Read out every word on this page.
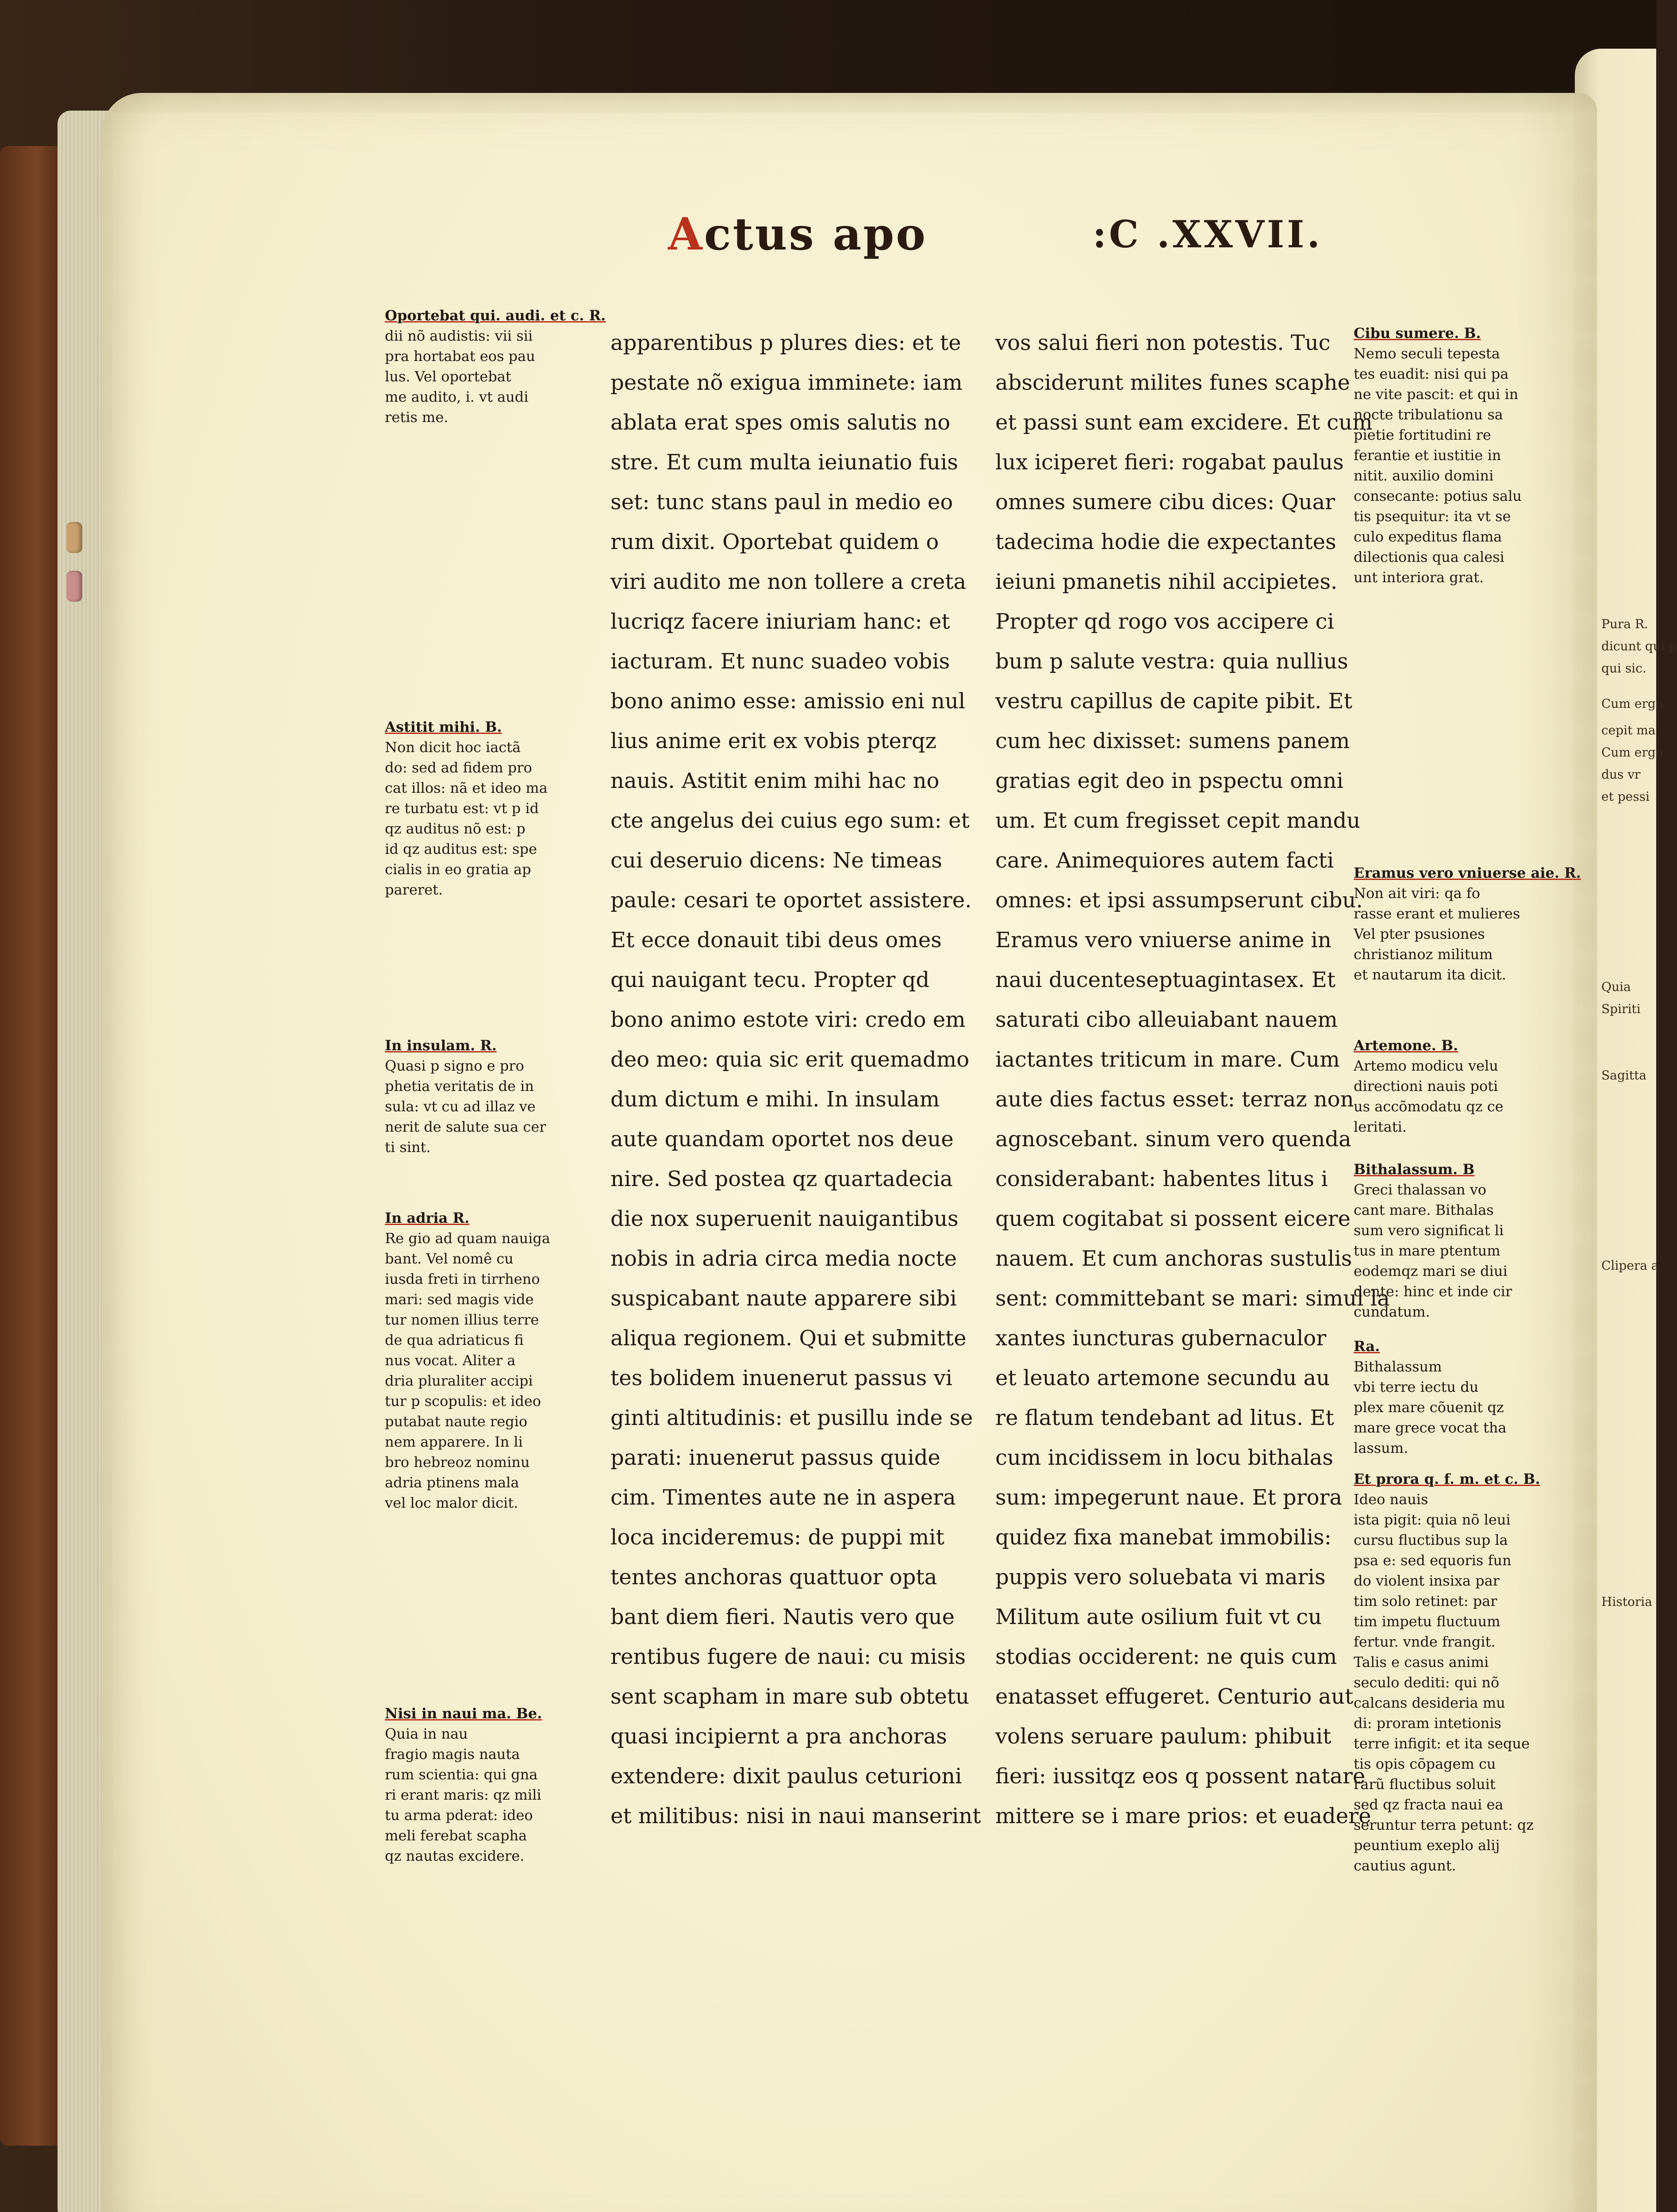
Actus apo	:C .XXVII.
apparentibus p plures dies: et te
pestate nõ exigua imminete: iam
ablata erat spes omis salutis no
stre. Et cum multa ieiunatio fuis
set: tunc stans paul in medio eo
rum dixit. Oportebat quidem o
viri audito me non tollere a creta
lucriqz facere iniuriam hanc: et
iacturam. Et nunc suadeo vobis
bono animo esse: amissio eni nul
lius anime erit ex vobis pterqz
nauis. Astitit enim mihi hac no
cte angelus dei cuius ego sum: et
cui deseruio dicens: Ne timeas
paule: cesari te oportet assistere.
Et ecce donauit tibi deus omes
qui nauigant tecu. Propter qd
bono animo estote viri: credo em
deo meo: quia sic erit quemadmo
dum dictum e mihi. In insulam
aute quandam oportet nos deue
nire. Sed postea qz quartadecia
die nox superuenit nauigantibus
nobis in adria circa media nocte
suspicabant naute apparere sibi
aliqua regionem. Qui et submitte
tes bolidem inuenerut passus vi
ginti altitudinis: et pusillu inde se
parati: inuenerut passus quide
cim. Timentes aute ne in aspera
loca incideremus: de puppi mit
tentes anchoras quattuor opta
bant diem fieri. Nautis vero que
rentibus fugere de naui: cu misis
sent scapham in mare sub obtetu
quasi incipiernt a pra anchoras
extendere: dixit paulus ceturioni
et militibus: nisi in naui manserint
vos salui fieri non potestis. Tuc
absciderunt milites funes scaphe
et passi sunt eam excidere. Et cum
lux iciperet fieri: rogabat paulus
omnes sumere cibu dices: Quar
tadecima hodie die expectantes
ieiuni pmanetis nihil accipietes.
Propter qd rogo vos accipere ci
bum p salute vestra: quia nullius
vestru capillus de capite pibit. Et
cum hec dixisset: sumens panem
gratias egit deo in pspectu omni
um. Et cum fregisset cepit mandu
care. Animequiores autem facti
omnes: et ipsi assumpserunt cibu.
Eramus vero vniuerse anime in
naui ducenteseptuagintasex. Et
saturati cibo alleuiabant nauem
iactantes triticum in mare. Cum
aute dies factus esset: terraz non
agnoscebant. sinum vero quenda
considerabant: habentes litus i
quem cogitabat si possent eicere
nauem. Et cum anchoras sustulis
sent: committebant se mari: simul la
xantes iuncturas gubernaculor
et leuato artemone secundu au
re flatum tendebant ad litus. Et
cum incidissem in locu bithalas
sum: impegerunt naue. Et prora
quidez fixa manebat immobilis:
puppis vero soluebata vi maris
Militum aute osilium fuit vt cu
stodias occiderent: ne quis cum
enatasset effugeret. Centurio aut
volens seruare paulum: phibuit
fieri: iussitqz eos q possent natare
mittere se i mare prios: et euadere
Oportebat qui. audi. et c. R.
dii nõ audistis: vii sii
pra hortabat eos pau
lus. Vel oportebat
me audito, i. vt audi
retis me.
Astitit mihi. B.
Non dicit hoc iactã
do: sed ad fidem pro
cat illos: nã et ideo ma
re turbatu est: vt p id
qz auditus nõ est: p
id qz auditus est: spe
cialis in eo gratia ap
pareret.
In insulam. R.
Quasi p signo e pro
phetia veritatis de in
sula: vt cu ad illaz ve
nerit de salute sua cer
ti sint.
In adria R.
Re gio ad quam nauiga
bant. Vel nomê cu
iusda freti in tirrheno
mari: sed magis vide
tur nomen illius terre
de qua adriaticus fi
nus vocat. Aliter a
dria pluraliter accipi
tur p scopulis: et ideo
putabat naute regio
nem apparere. In li
bro hebreoz nominu
adria ptinens mala
vel loc malor dicit.
Nisi in naui ma. Be.
Quia in nau
fragio magis nauta
rum scientia: qui gna
ri erant maris: qz mili
tu arma pderat: ideo
meli ferebat scapha
qz nautas excidere.
Cibu sumere. B.
Nemo seculi tepesta
tes euadit: nisi qui pa
ne vite pascit: et qui in
nocte tribulationu sa
pietie fortitudini re
ferantie et iustitie in
nitit. auxilio domini
consecante: potius salu
tis psequitur: ita vt se
culo expeditus flama
dilectionis qua calesi
unt interiora grat.
Eramus vero vniuerse aie. R.
Non ait viri: qa fo
rasse erant et mulieres
Vel pter psusiones
christianoz militum
et nautarum ita dicit.
Artemone. B.
Artemo modicu velu
directioni nauis poti
us accõmodatu qz ce
leritati.
Bithalassum. B
Greci thalassan vo
cant mare. Bithalas
sum vero significat li
tus in mare ptentum
eodemqz mari se diui
dente: hinc et inde cir
cundatum.
Ra.
Bithalassum
vbi terre iectu du
plex mare cõuenit qz
mare grece vocat tha
lassum.
Et prora q. f. m. et c. B.
Ideo nauis
ista pigit: quia nõ leui
cursu fluctibus sup la
psa e: sed equoris fun
do violent insixa par
tim solo retinet: par
tim impetu fluctuum
fertur. vnde frangit.
Talis e casus animi
seculo dediti: qui nõ
calcans desideria mu
di: proram intetionis
terre infigit: et ita seque
tis opis cõpagem cu
rarũ fluctibus soluit
sed qz fracta naui ea
seruntur terra petunt: qz
peuntium exeplo alij
cautius agunt.
Pura R.
dicunt qui p
qui sic.
Cum ergo
cepit ma
Cum ergo
dus vr
et pessi
Quia
Spiriti
Sagitta
Clipera a
Historia
